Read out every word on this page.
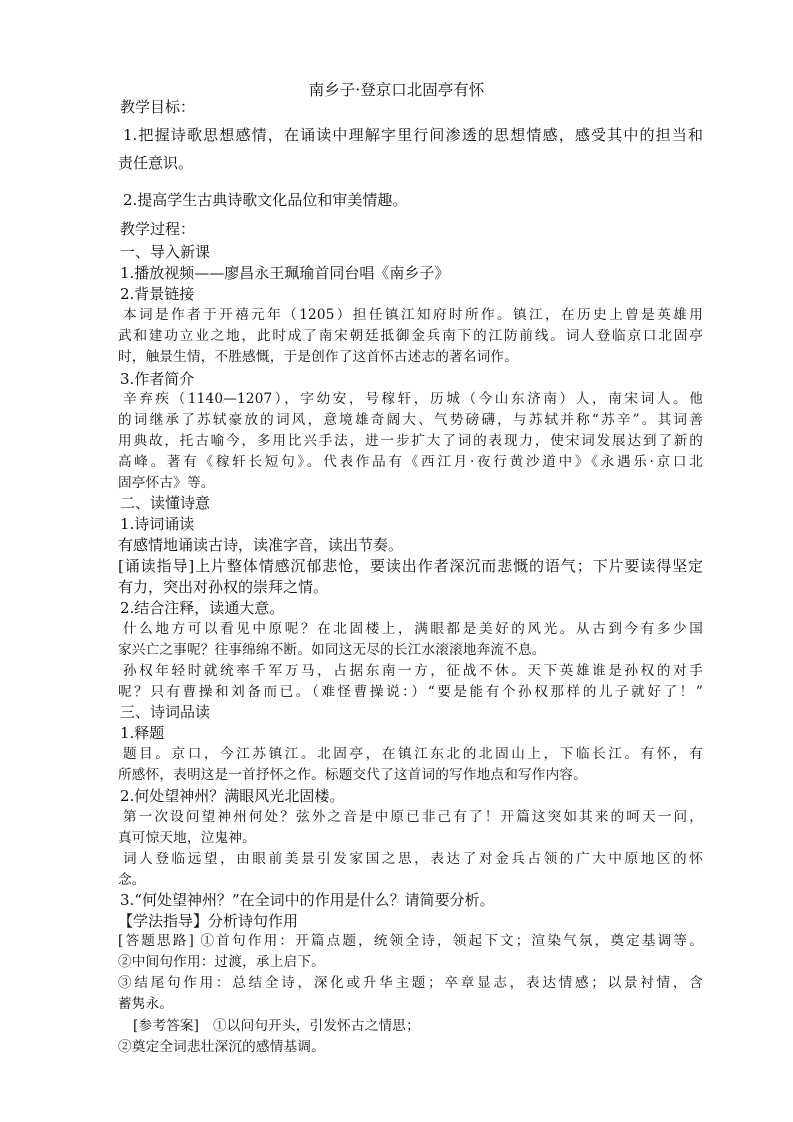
南乡子·登京口北固亭有怀
教学目标：
1.把握诗歌思想感情，在诵读中理解字里行间渗透的思想情感，感受其中的担当和
责任意识。
2.提高学生古典诗歌文化品位和审美情趣。
教学过程：
一、导入新课
1.播放视频——廖昌永王珮瑜首同台唱《南乡子》
2.背景链接
本词是作者于开禧元年（1205）担任镇江知府时所作。镇江，在历史上曾是英雄用
武和建功立业之地，此时成了南宋朝廷抵御金兵南下的江防前线。词人登临京口北固亭
时，触景生情，不胜感慨，于是创作了这首怀古述志的著名词作。
3.作者简介
辛弃疾（1140—1207），字幼安，号稼轩，历城（今山东济南）人，南宋词人。他
的词继承了苏轼豪放的词风，意境雄奇阔大、气势磅礴，与苏轼并称“苏辛”。其词善
用典故，托古喻今，多用比兴手法，进一步扩大了词的表现力，使宋词发展达到了新的
高峰。著有《稼轩长短句》。代表作品有《西江月·夜行黄沙道中》《永遇乐·京口北
固亭怀古》等。
二、读懂诗意
1.诗词诵读
有感情地诵读古诗，读准字音，读出节奏。
[诵读指导]上片整体情感沉郁悲怆，要读出作者深沉而悲慨的语气；下片要读得坚定
有力，突出对孙权的崇拜之情。
2.结合注释，读通大意。
什么地方可以看见中原呢？在北固楼上，满眼都是美好的风光。从古到今有多少国
家兴亡之事呢？往事绵绵不断。如同这无尽的长江水滚滚地奔流不息。
孙权年轻时就统率千军万马，占据东南一方，征战不休。天下英雄谁是孙权的对手
呢？只有曹操和刘备而已。（难怪曹操说：）“要是能有个孙权那样的儿子就好了！”
三、诗词品读
1.释题
题目。京口，今江苏镇江。北固亭，在镇江东北的北固山上，下临长江。有怀，有
所感怀，表明这是一首抒怀之作。标题交代了这首词的写作地点和写作内容。
2.何处望神州？满眼风光北固楼。
第一次设问望神州何处？弦外之音是中原已非己有了！开篇这突如其来的呵天一问，
真可惊天地，泣鬼神。
词人登临远望，由眼前美景引发家国之思，表达了对金兵占领的广大中原地区的怀
念。
3.“何处望神州？”在全词中的作用是什么？请简要分析。
【学法指导】分析诗句作用
[答题思路] ①首句作用：开篇点题，统领全诗，领起下文；渲染气氛，奠定基调等。
②中间句作用：过渡，承上启下。
③结尾句作用：总结全诗，深化或升华主题；卒章显志，表达情感；以景衬情，含
蓄隽永。
[参考答案]　①以问句开头，引发怀古之情思；
②奠定全词悲壮深沉的感情基调。
